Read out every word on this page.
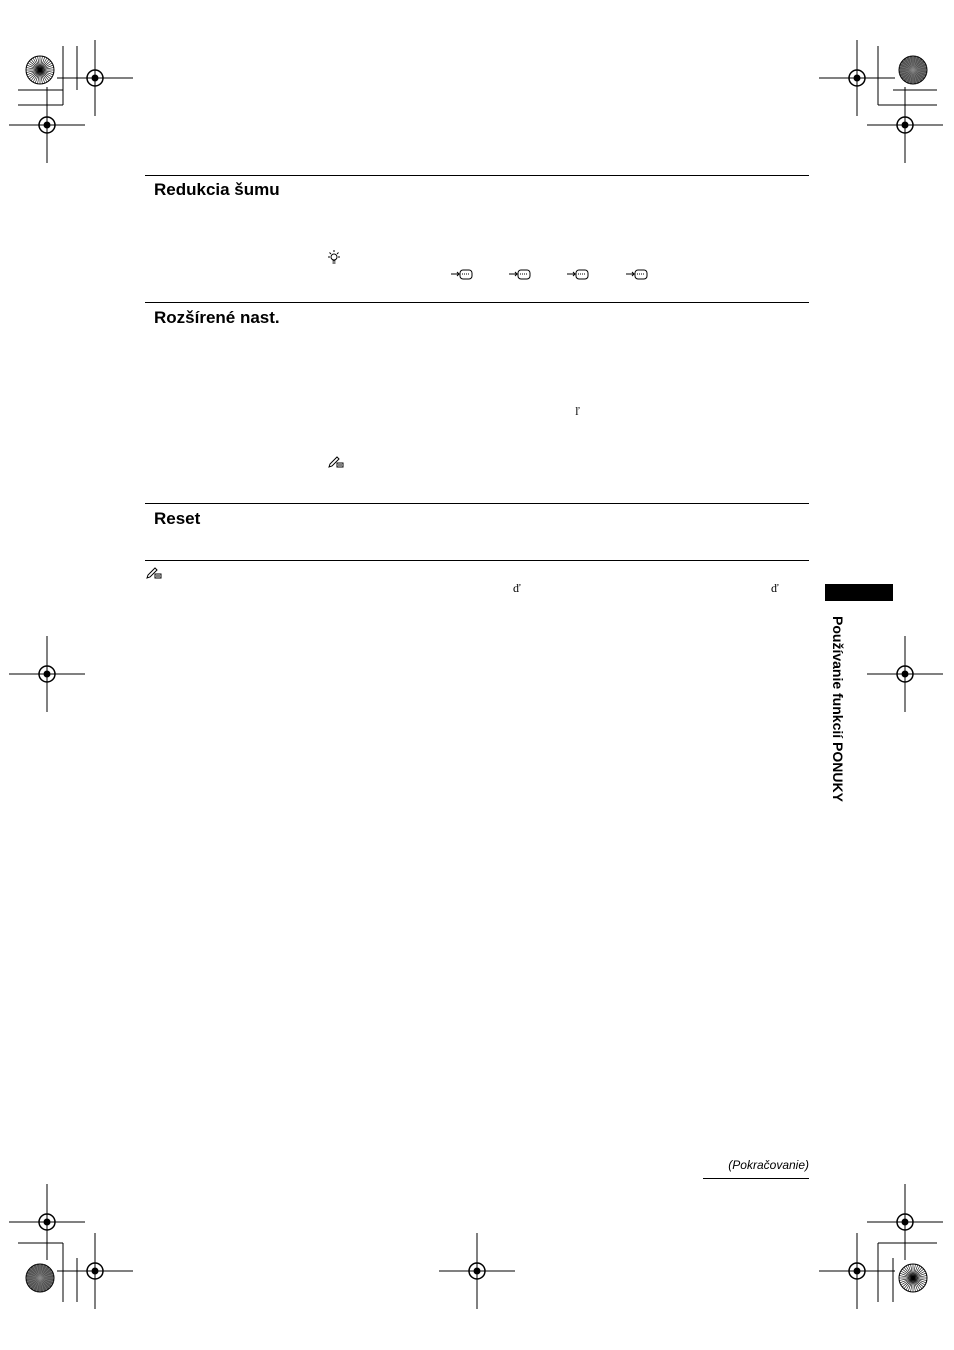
Redukcia šumu
Rozšírené nast.
Reset
ľ
ď	ď
Používanie funkcií PONUKY
(Pokračovanie)
